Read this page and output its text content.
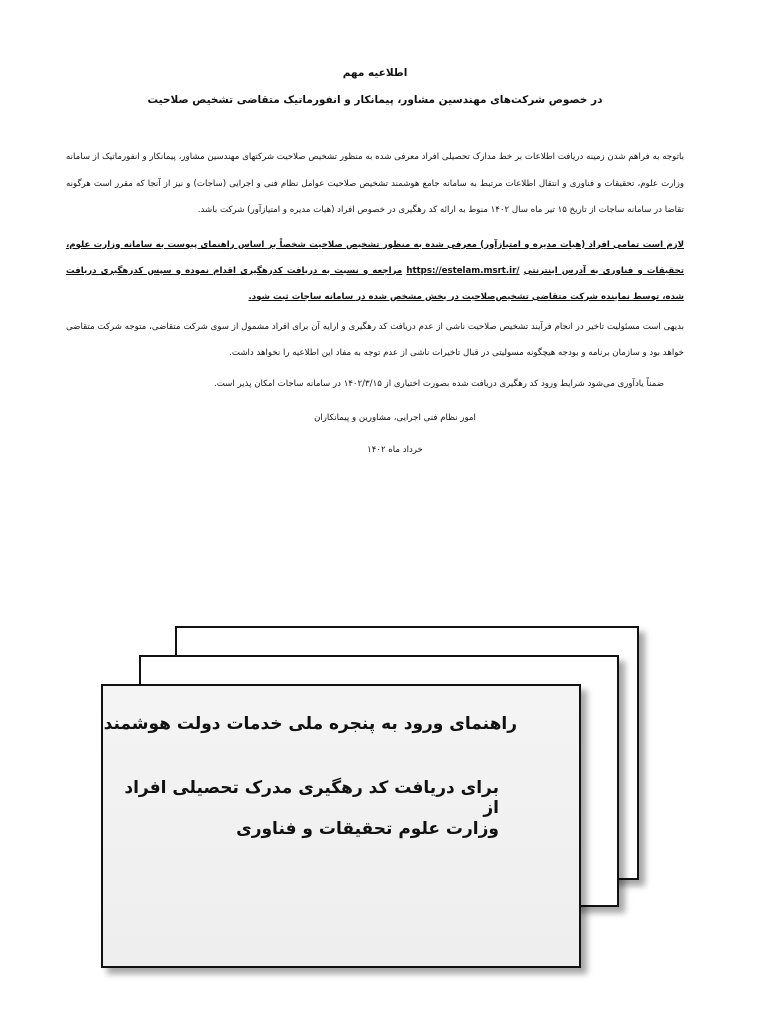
اطلاعیه مهم

در خصوص شرکت‌های مهندسین مشاور، پیمانکار و انفورماتیک متقاضی تشخیص صلاحیت

باتوجه به فراهم شدن زمینه دریافت اطلاعات بر خط مدارک تحصیلی افراد معرفی شده به منظور تشخیص صلاحیت شرکتهای مهندسین مشاور، پیمانکار و انفورماتیک از سامانه وزارت علوم، تحقیقات و فناوری و انتقال اطلاعات مرتبط به سامانه جامع هوشمند تشخیص صلاحیت عوامل نظام فنی و اجرایی (ساجات) و نیز از آنجا که مقرر است هرگونه تقاضا در سامانه ساجات از تاریخ ۱۵ تیر ماه سال ۱۴۰۲ منوط به ارائه کد رهگیری در خصوص افراد (هیات مدیره و امتیازآور) شرکت باشد.

لازم است تمامی افراد (هیات مدیره و امتیازآور) معرفی شده به منظور تشخیص صلاحیت شخصاً بر اساس راهنمای پیوست به سامانه وزارت علوم، تحقیقات و فناوری به آدرس اینترنتی https://estelam.msrt.ir/ مراجعه و نسبت به دریافت کدرهگیری اقدام نموده و سپس کدرهگیری دریافت شده، توسط نماینده شرکت متقاضی تشخیص‌صلاحیت در بخش مشخص شده در سامانه ساجات ثبت شود.

بدیهی است مسئولیت تاخیر در انجام فرآیند تشخیص صلاحیت ناشی از عدم دریافت کد رهگیری و ارایه آن برای افراد مشمول از سوی شرکت متقاضی، متوجه شرکت متقاضی خواهد بود و سازمان برنامه و بودجه هیچگونه مسولیتی در قبال تاخیرات ناشی از عدم توجه به مفاد این اطلاعیه را نخواهد داشت.

ضمناً یادآوری می‌شود شرایط ورود کد رهگیری دریافت شده بصورت اختیاری از ۱۴۰۲/۳/۱۵ در سامانه ساجات امکان پذیر است.

امور نظام فنی اجرایی، مشاورین و پیمانکاران
خرداد ماه ۱۴۰۲
راهنمای ورود به پنجره ملی خدمات دولت هوشمند
برای دریافت کد رهگیری مدرک تحصیلی افراد از
وزارت علوم تحقیقات و فناوری
